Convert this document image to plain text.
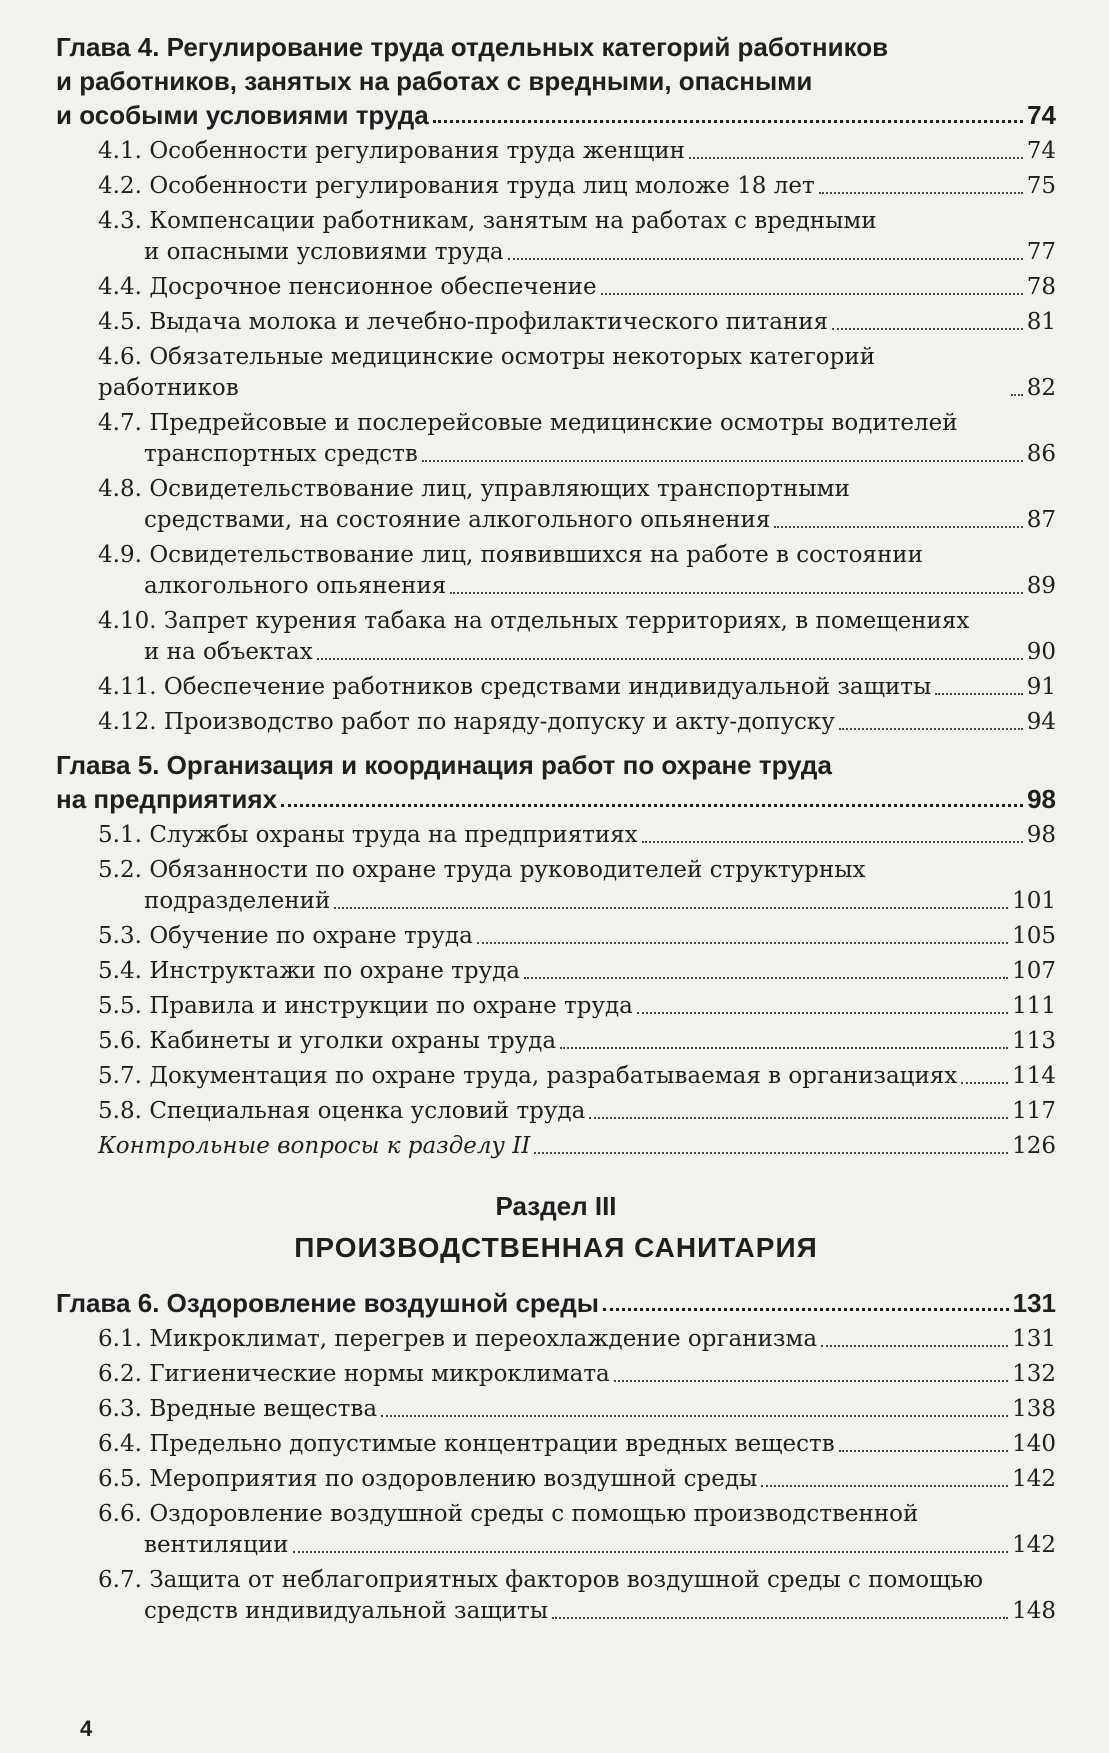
Глава 4. Регулирование труда отдельных категорий работников
и работников, занятых на работах с вредными, опасными
и особыми условиями труда	74
4.1. Особенности регулирования труда женщин	74
4.2. Особенности регулирования труда лиц моложе 18 лет	75
4.3. Компенсации работникам, занятым на работах с вредными
и опасными условиями труда	77
4.4. Досрочное пенсионное обеспечение	78
4.5. Выдача молока и лечебно-профилактического питания	81
4.6. Обязательные медицинские осмотры некоторых категорий работников	82
4.7. Предрейсовые и послерейсовые медицинские осмотры водителей
транспортных средств	86
4.8. Освидетельствование лиц, управляющих транспортными
средствами, на состояние алкогольного опьянения	87
4.9. Освидетельствование лиц, появившихся на работе в состоянии
алкогольного опьянения	89
4.10. Запрет курения табака на отдельных территориях, в помещениях
и на объектах	90
4.11. Обеспечение работников средствами индивидуальной защиты	91
4.12. Производство работ по наряду-допуску и акту-допуску	94
Глава 5. Организация и координация работ по охране труда
на предприятиях	98
5.1. Службы охраны труда на предприятиях	98
5.2. Обязанности по охране труда руководителей структурных
подразделений	101
5.3. Обучение по охране труда	105
5.4. Инструктажи по охране труда	107
5.5. Правила и инструкции по охране труда	111
5.6. Кабинеты и уголки охраны труда	113
5.7. Документация по охране труда, разрабатываемая в организациях 114
5.8. Специальная оценка условий труда	117
Контрольные вопросы к разделу II	126
Раздел III
ПРОИЗВОДСТВЕННАЯ САНИТАРИЯ
Глава 6. Оздоровление воздушной среды	131
6.1. Микроклимат, перегрев и переохлаждение организма	131
6.2. Гигиенические нормы микроклимата	132
6.3. Вредные вещества	138
6.4. Предельно допустимые концентрации вредных веществ	140
6.5. Мероприятия по оздоровлению воздушной среды	142
6.6. Оздоровление воздушной среды с помощью производственной
вентиляции	142
6.7. Защита от неблагоприятных факторов воздушной среды с помощью
средств индивидуальной защиты	148
4
